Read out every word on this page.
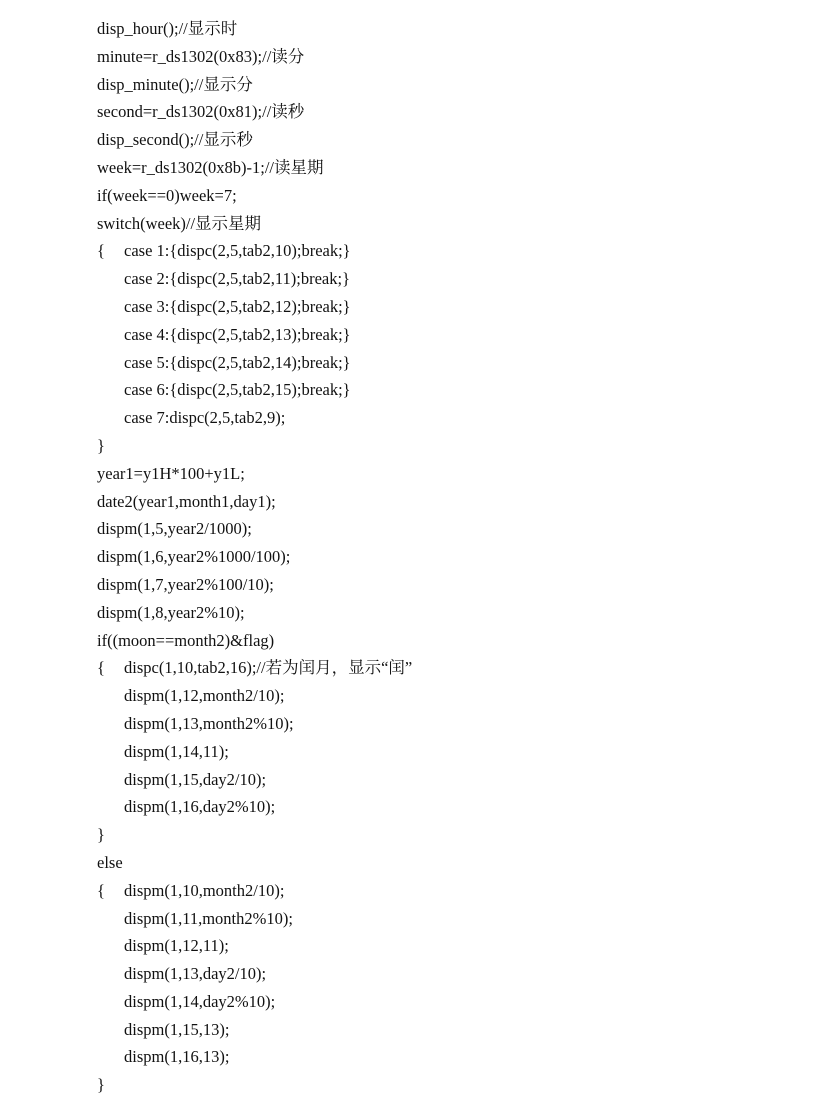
disp_hour();//显示时
minute=r_ds1302(0x83);//读分
disp_minute();//显示分
second=r_ds1302(0x81);//读秒
disp_second();//显示秒
week=r_ds1302(0x8b)-1;//读星期
if(week==0)week=7;
switch(week)//显示星期
{ case 1:{dispc(2,5,tab2,10);break;}
case 2:{dispc(2,5,tab2,11);break;}
case 3:{dispc(2,5,tab2,12);break;}
case 4:{dispc(2,5,tab2,13);break;}
case 5:{dispc(2,5,tab2,14);break;}
case 6:{dispc(2,5,tab2,15);break;}
case 7:dispc(2,5,tab2,9);
}
year1=y1H*100+y1L;
date2(year1,month1,day1);
dispm(1,5,year2/1000);
dispm(1,6,year2%1000/100);
dispm(1,7,year2%100/10);
dispm(1,8,year2%10);
if((moon==month2)&flag)
{ dispc(1,10,tab2,16);//若为闰月，显示“闰”
dispm(1,12,month2/10);
dispm(1,13,month2%10);
dispm(1,14,11);
dispm(1,15,day2/10);
dispm(1,16,day2%10);
}
else
{ dispm(1,10,month2/10);
dispm(1,11,month2%10);
dispm(1,12,11);
dispm(1,13,day2/10);
dispm(1,14,day2%10);
dispm(1,15,13);
dispm(1,16,13);
}
